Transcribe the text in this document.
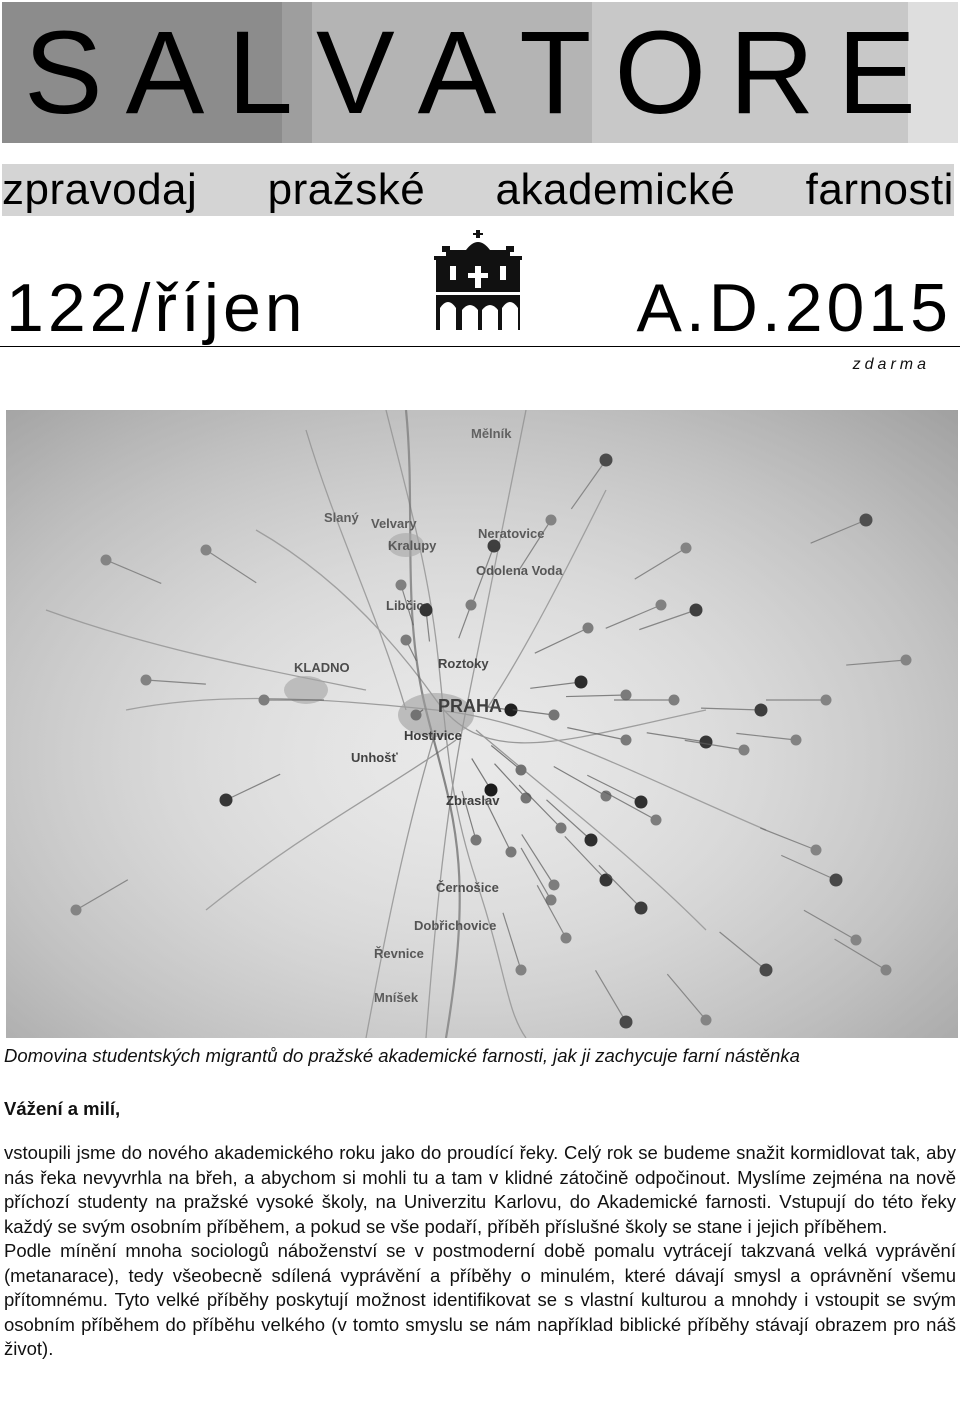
S A L V A T O R E
zpravodaj pražské akademické farnosti
122/říjen	A.D.2015
zdarma
Domovina studentských migrantů do pražské akademické farnosti, jak ji zachycuje farní nástěnka
Vážení a milí,

vstoupili jsme do nového akademického roku jako do proudící řeky. Celý rok se budeme snažit kormidlovat tak, aby nás řeka nevyvrhla na břeh, a abychom si mohli tu a tam v klidné zátočině odpočinout. Myslíme zejména na nově příchozí studenty na pražské vysoké školy, na Univerzitu Karlovu, do Akademické farnosti. Vstupují do této řeky každý se svým osobním příběhem, a pokud se vše podaří, příběh příslušné školy se stane i jejich příběhem.

Podle mínění mnoha sociologů náboženství se v postmoderní době pomalu vytrácejí takzvaná velká vyprávění (metanarace), tedy všeobecně sdílená vyprávění a příběhy o minulém, které dávají smysl a oprávnění všemu přítomnému. Tyto velké příběhy poskytují možnost identifikovat se s vlastní kulturou a mnohdy i vstoupit se svým osobním příběhem do příběhu velkého (v tomto smyslu se nám například biblické příběhy stávají obrazem pro náš život).
